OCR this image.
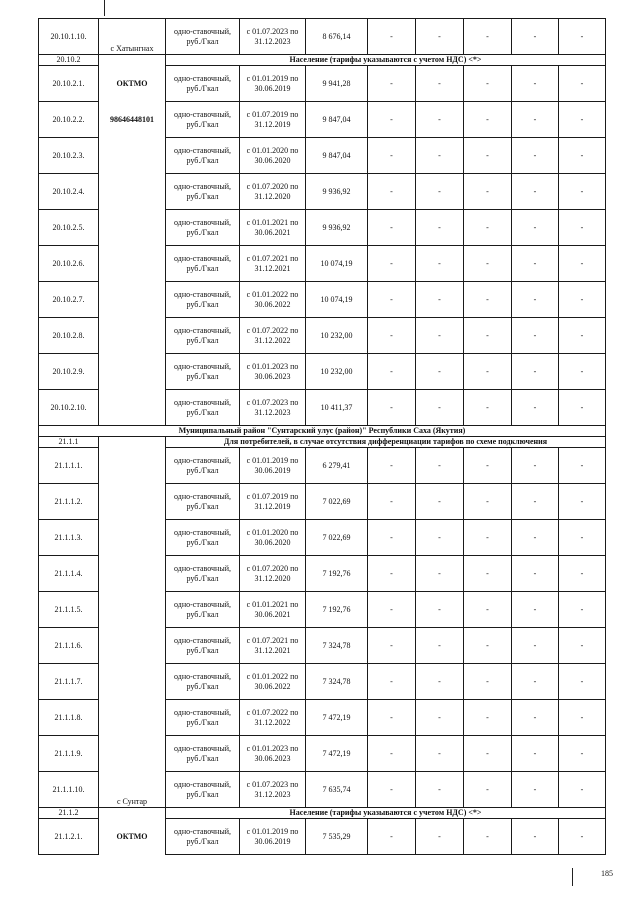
20.10.1.10.	с Хатынгнах	одно-ставочный, руб./Гкал	с 01.07.2023 по 31.12.2023	8 676,14	-	-	-	-	-
20.10.2		Население (тарифы указываются с учетом НДС) <*>							
20.10.2.1.	ОКТМО	одно-ставочный, руб./Гкал	с 01.01.2019 по 30.06.2019	9 941,28	-	-	-	-	-
20.10.2.2.	98646448101	одно-ставочный, руб./Гкал	с 01.07.2019 по 31.12.2019	9 847,04	-	-	-	-	-
20.10.2.3.		одно-ставочный, руб./Гкал	с 01.01.2020 по 30.06.2020	9 847,04	-	-	-	-	-
20.10.2.4.		одно-ставочный, руб./Гкал	с 01.07.2020 по 31.12.2020	9 936,92	-	-	-	-	-
20.10.2.5.		одно-ставочный, руб./Гкал	с 01.01.2021 по 30.06.2021	9 936,92	-	-	-	-	-
20.10.2.6.		одно-ставочный, руб./Гкал	с 01.07.2021 по 31.12.2021	10 074,19	-	-	-	-	-
20.10.2.7.		одно-ставочный, руб./Гкал	с 01.01.2022 по 30.06.2022	10 074,19	-	-	-	-	-
20.10.2.8.		одно-ставочный, руб./Гкал	с 01.07.2022 по 31.12.2022	10 232,00	-	-	-	-	-
20.10.2.9.		одно-ставочный, руб./Гкал	с 01.01.2023 по 30.06.2023	10 232,00	-	-	-	-	-
20.10.2.10.		одно-ставочный, руб./Гкал	с 01.07.2023 по 31.12.2023	10 411,37	-	-	-	-	-
Муниципальный район "Сунтарский улус (район)" Республики Саха (Якутия)									
21.1.1		Для потребителей, в случае отсутствия дифференциации тарифов по схеме подключения							
21.1.1.1.		одно-ставочный, руб./Гкал	с 01.01.2019 по 30.06.2019	6 279,41	-	-	-	-	-
21.1.1.2.		одно-ставочный, руб./Гкал	с 01.07.2019 по 31.12.2019	7 022,69	-	-	-	-	-
21.1.1.3.		одно-ставочный, руб./Гкал	с 01.01.2020 по 30.06.2020	7 022,69	-	-	-	-	-
21.1.1.4.		одно-ставочный, руб./Гкал	с 01.07.2020 по 31.12.2020	7 192,76	-	-	-	-	-
21.1.1.5.		одно-ставочный, руб./Гкал	с 01.01.2021 по 30.06.2021	7 192,76	-	-	-	-	-
21.1.1.6.		одно-ставочный, руб./Гкал	с 01.07.2021 по 31.12.2021	7 324,78	-	-	-	-	-
21.1.1.7.		одно-ставочный, руб./Гкал	с 01.01.2022 по 30.06.2022	7 324,78	-	-	-	-	-
21.1.1.8.		одно-ставочный, руб./Гкал	с 01.07.2022 по 31.12.2022	7 472,19	-	-	-	-	-
21.1.1.9.		одно-ставочный, руб./Гкал	с 01.01.2023 по 30.06.2023	7 472,19	-	-	-	-	-
21.1.1.10.	с Сунтар	одно-ставочный, руб./Гкал	с 01.07.2023 по 31.12.2023	7 635,74	-	-	-	-	-
21.1.2		Население (тарифы указываются с учетом НДС) <*>							
21.1.2.1.	ОКТМО	одно-ставочный, руб./Гкал	с 01.01.2019 по 30.06.2019	7 535,29	-	-	-	-	-
185
